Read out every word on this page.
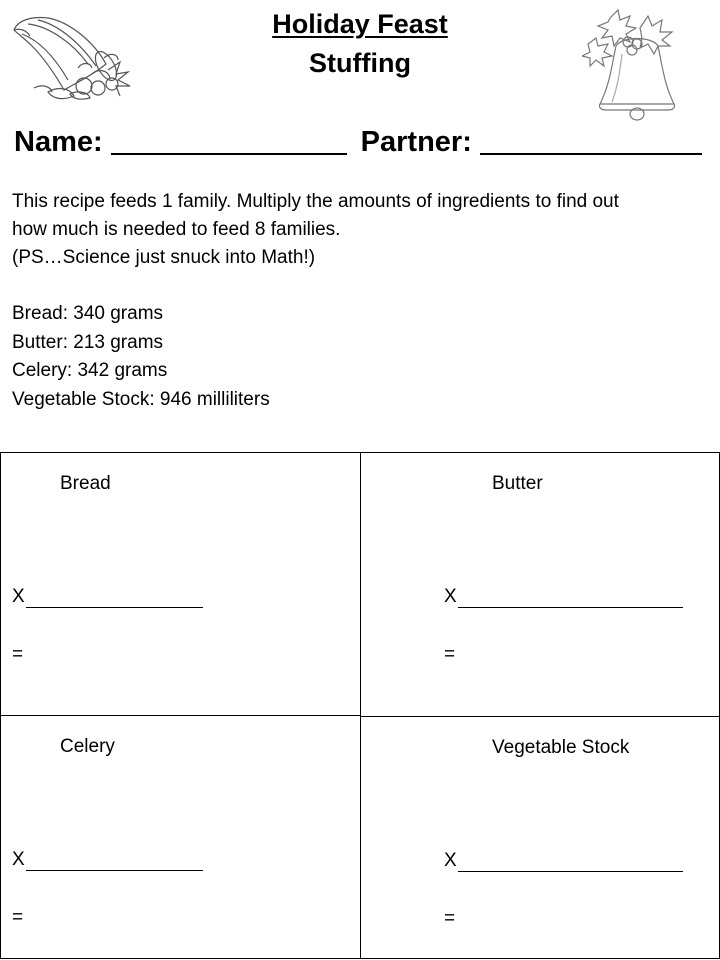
Holiday Feast
Stuffing
Name:	Partner:
This recipe feeds 1 family. Multiply the amounts of ingredients to find out
how much is needed to feed 8 families.
(PS…Science just snuck into Math!)
Bread: 340 grams
Butter: 213 grams
Celery: 342 grams
Vegetable Stock: 946 milliliters
Bread
X
=
Butter
X
=
Celery
X
=
Vegetable Stock
X
=
